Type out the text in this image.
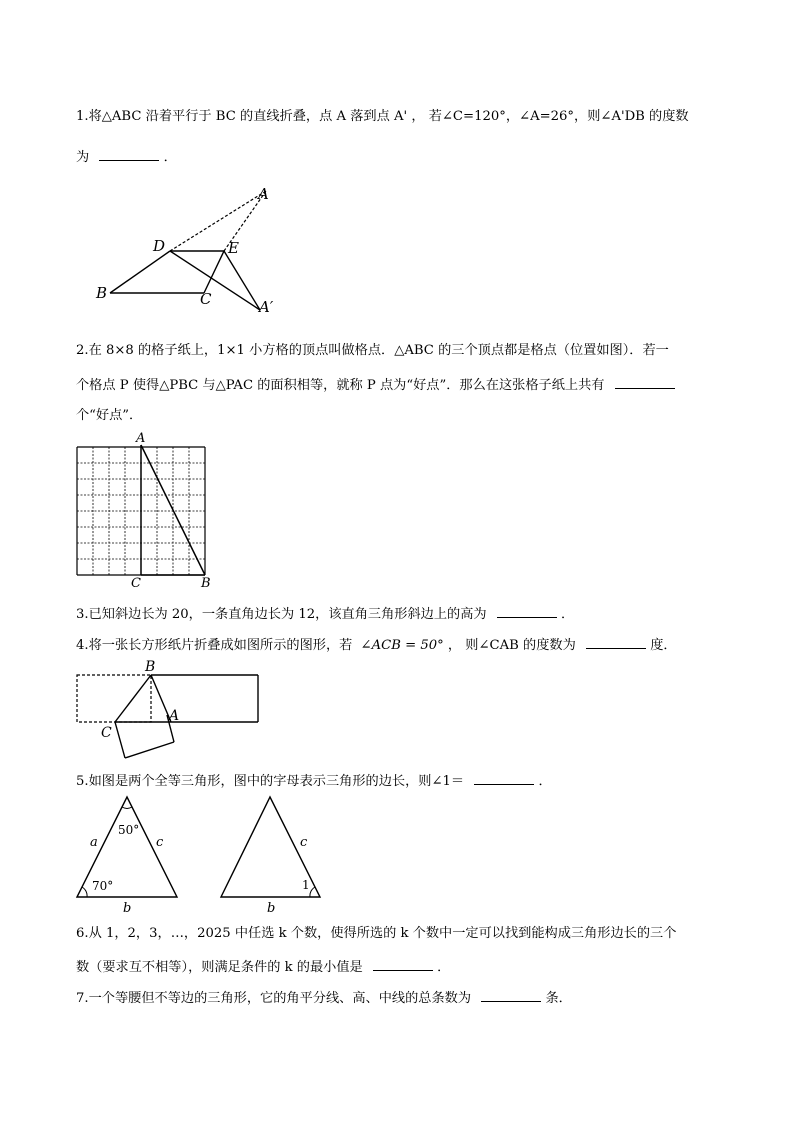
1.将△ABC 沿着平行于 BC 的直线折叠，点 A 落到点 A' ， 若∠C=120°，∠A=26°，则∠A'DB 的度数
为	．
A
D	E
B	C	A′
2.在 8×8 的格子纸上，1×1 小方格的顶点叫做格点．△ABC 的三个顶点都是格点（位置如图）．若一
个格点 P 使得△PBC 与△PAC 的面积相等，就称 P 点为“好点”．那么在这张格子纸上共有
个“好点”．
A
C	B
3.已知斜边长为 20，一条直角边长为 12，该直角三角形斜边上的高为	．
4.将一张长方形纸片折叠成如图所示的图形，若 ∠ACB = 50° ， 则∠CAB 的度数为	度．
B
A
C
5.如图是两个全等三角形，图中的字母表示三角形的边长，则∠1＝	．
a
50°
c
70°
b
c
1
b
6.从 1，2，3，…，2025 中任选 k 个数，使得所选的 k 个数中一定可以找到能构成三角形边长的三个
数（要求互不相等），则满足条件的 k 的最小值是	．
7.一个等腰但不等边的三角形，它的角平分线、高、中线的总条数为	条．
